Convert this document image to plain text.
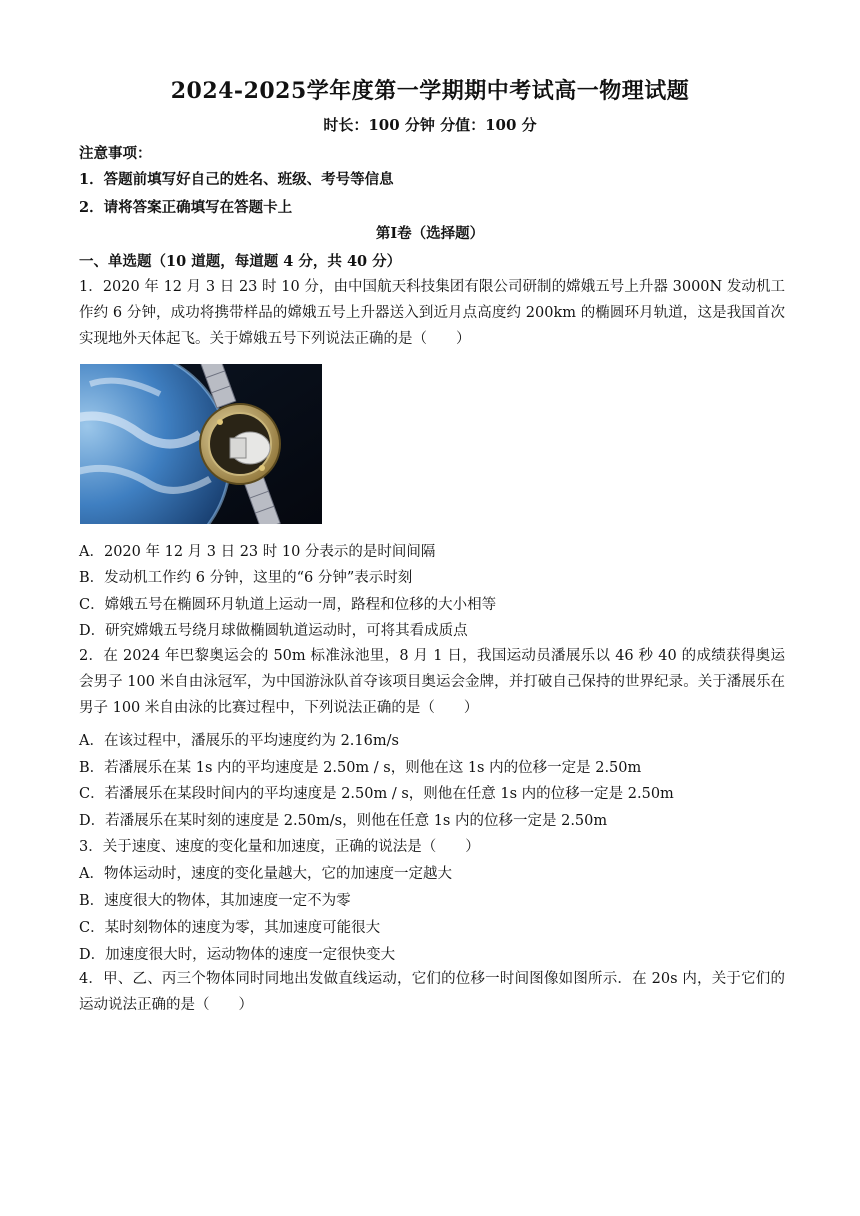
2024-2025学年度第一学期期中考试高一物理试题
时长：100 分钟 分值：100 分
注意事项：
1．答题前填写好自己的姓名、班级、考号等信息
2．请将答案正确填写在答题卡上
第Ⅰ卷（选择题）
一、单选题（10 道题，每道题 4 分，共 40 分）
1．2020 年 12 月 3 日 23 时 10 分，由中国航天科技集团有限公司研制的嫦娥五号上升器 3000N 发动机工作约 6 分钟，成功将携带样品的嫦娥五号上升器送入到近月点高度约 200km 的椭圆环月轨道，这是我国首次实现地外天体起飞。关于嫦娥五号下列说法正确的是（　　）
A．2020 年 12 月 3 日 23 时 10 分表示的是时间间隔
B．发动机工作约 6 分钟，这里的“6 分钟”表示时刻
C．嫦娥五号在椭圆环月轨道上运动一周，路程和位移的大小相等
D．研究嫦娥五号绕月球做椭圆轨道运动时，可将其看成质点
2．在 2024 年巴黎奥运会的 50m 标准泳池里，8 月 1 日，我国运动员潘展乐以 46 秒 40 的成绩获得奥运会男子 100 米自由泳冠军，为中国游泳队首夺该项目奥运会金牌，并打破自己保持的世界纪录。关于潘展乐在男子 100 米自由泳的比赛过程中，下列说法正确的是（　　）
A．在该过程中，潘展乐的平均速度约为 2.16m/s
B．若潘展乐在某 1s 内的平均速度是 2.50m / s，则他在这 1s 内的位移一定是 2.50m
C．若潘展乐在某段时间内的平均速度是 2.50m / s，则他在任意 1s 内的位移一定是 2.50m
D．若潘展乐在某时刻的速度是 2.50m/s，则他在任意 1s 内的位移一定是 2.50m
3．关于速度、速度的变化量和加速度，正确的说法是（　　）
A．物体运动时，速度的变化量越大，它的加速度一定越大
B．速度很大的物体，其加速度一定不为零
C．某时刻物体的速度为零，其加速度可能很大
D．加速度很大时，运动物体的速度一定很快变大
4．甲、乙、丙三个物体同时同地出发做直线运动，它们的位移一时间图像如图所示．在 20s 内，关于它们的运动说法正确的是（　　）
